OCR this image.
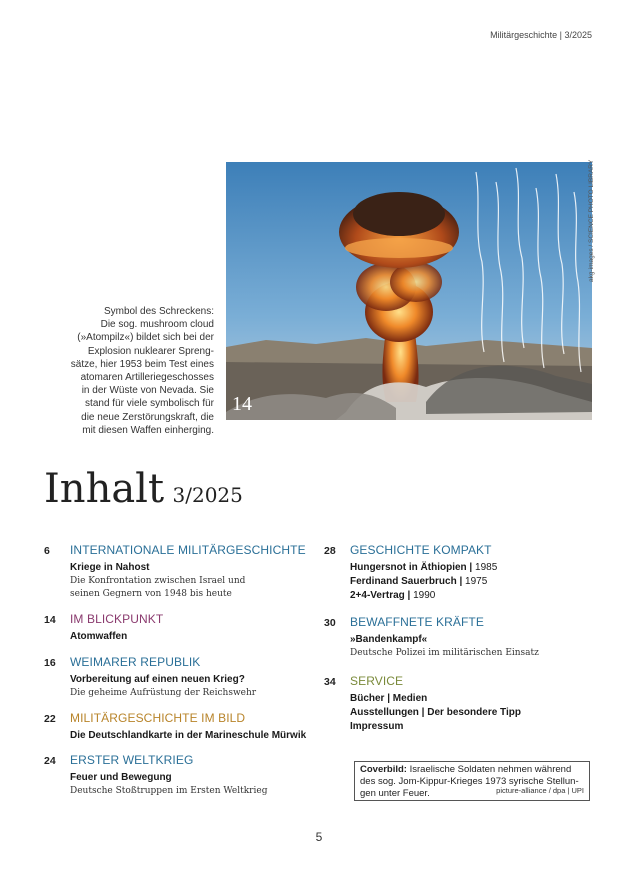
Militärgeschichte | 3/2025
14
akg-images / SCIENCE PHOTO LIBRARY
Symbol des Schreckens:
Die sog. mushroom cloud
(»Atompilz«) bildet sich bei der
Explosion nuklearer Spreng-
sätze, hier 1953 beim Test eines
atomaren Artilleriegeschosses
in der Wüste von Nevada. Sie
stand für viele symbolisch für
die neue Zerstörungskraft, die
mit diesen Waffen einherging.
Inhalt 3/2025
6 INTERNATIONALE MILITÄRGESCHICHTE
Kriege in Nahost
Die Konfrontation zwischen Israel und
seinen Gegnern von 1948 bis heute
14 IM BLICKPUNKT
Atomwaffen
16 WEIMARER REPUBLIK
Vorbereitung auf einen neuen Krieg?
Die geheime Aufrüstung der Reichswehr
22 MILITÄRGESCHICHTE IM BILD
Die Deutschlandkarte in der Marineschule Mürwik
24 ERSTER WELTKRIEG
Feuer und Bewegung
Deutsche Stoßtruppen im Ersten Weltkrieg
28 GESCHICHTE KOMPAKT
Hungersnot in Äthiopien | 1985
Ferdinand Sauerbruch | 1975
2+4-Vertrag | 1990
30 BEWAFFNETE KRÄFTE
»Bandenkampf«
Deutsche Polizei im militärischen Einsatz
34 SERVICE
Bücher | Medien
Ausstellungen | Der besondere Tipp
Impressum
Coverbild: Israelische Soldaten nehmen während
des sog. Jom-Kippur-Krieges 1973 syrische Stellun-
gen unter Feuer.	picture-alliance / dpa | UPI
5
